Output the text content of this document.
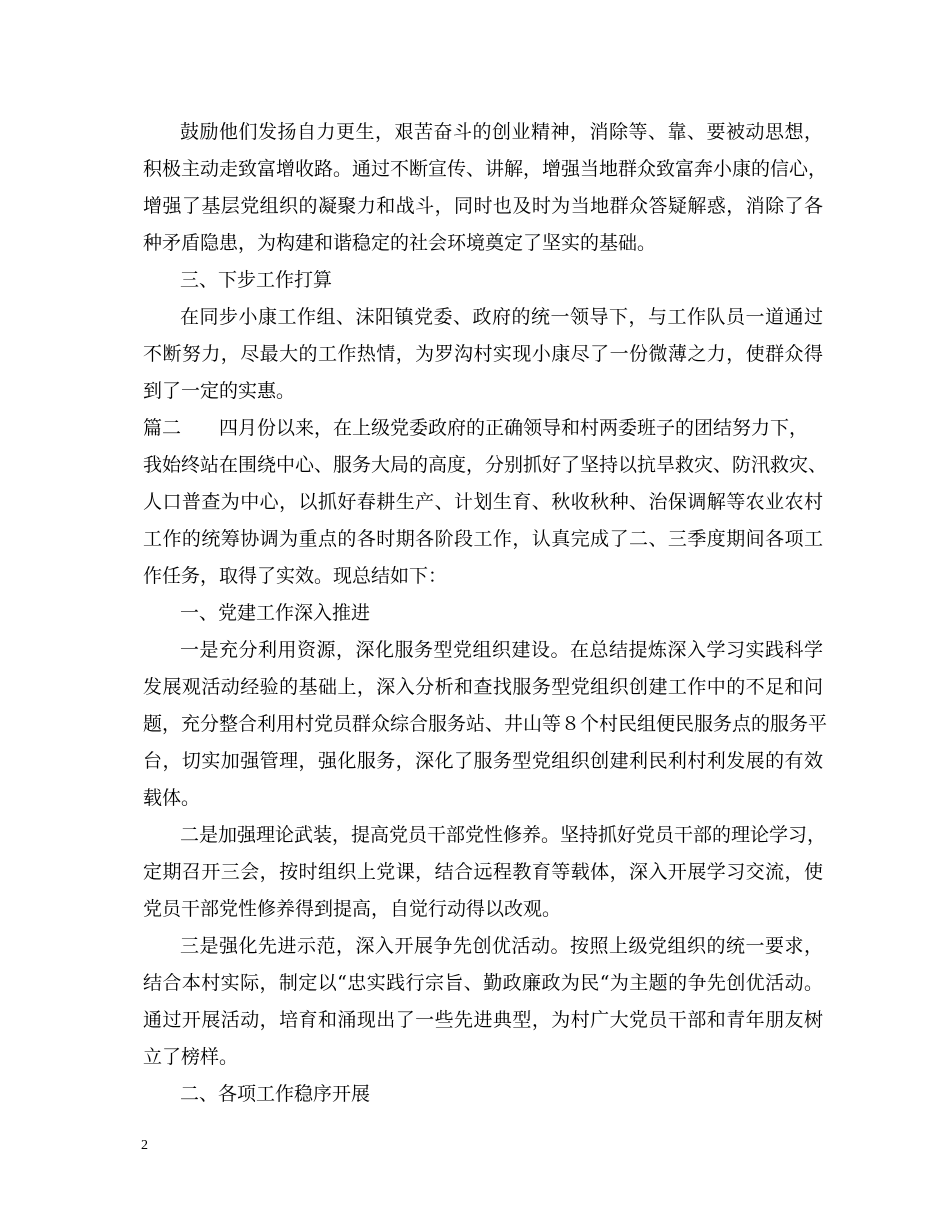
鼓励他们发扬自力更生，艰苦奋斗的创业精神，消除等、靠、要被动思想，
积极主动走致富增收路。通过不断宣传、讲解，增强当地群众致富奔小康的信心，
增强了基层党组织的凝聚力和战斗，同时也及时为当地群众答疑解惑，消除了各
种矛盾隐患，为构建和谐稳定的社会环境奠定了坚实的基础。
三、下步工作打算
在同步小康工作组、沫阳镇党委、政府的统一领导下，与工作队员一道通过
不断努力，尽最大的工作热情，为罗沟村实现小康尽了一份微薄之力，使群众得
到了一定的实惠。
篇二　　四月份以来，在上级党委政府的正确领导和村两委班子的团结努力下，
我始终站在围绕中心、服务大局的高度，分别抓好了坚持以抗旱救灾、防汛救灾、
人口普查为中心，以抓好春耕生产、计划生育、秋收秋种、治保调解等农业农村
工作的统筹协调为重点的各时期各阶段工作，认真完成了二、三季度期间各项工
作任务，取得了实效。现总结如下：
一、党建工作深入推进
一是充分利用资源，深化服务型党组织建设。在总结提炼深入学习实践科学
发展观活动经验的基础上，深入分析和查找服务型党组织创建工作中的不足和问
题，充分整合利用村党员群众综合服务站、井山等８个村民组便民服务点的服务平
台，切实加强管理，强化服务，深化了服务型党组织创建利民利村利发展的有效
载体。
二是加强理论武装，提高党员干部党性修养。坚持抓好党员干部的理论学习，
定期召开三会，按时组织上党课，结合远程教育等载体，深入开展学习交流，使
党员干部党性修养得到提高，自觉行动得以改观。
三是强化先进示范，深入开展争先创优活动。按照上级党组织的统一要求，
结合本村实际，制定以“忠实践行宗旨、勤政廉政为民“为主题的争先创优活动。
通过开展活动，培育和涌现出了一些先进典型，为村广大党员干部和青年朋友树
立了榜样。
二、各项工作稳序开展
2
